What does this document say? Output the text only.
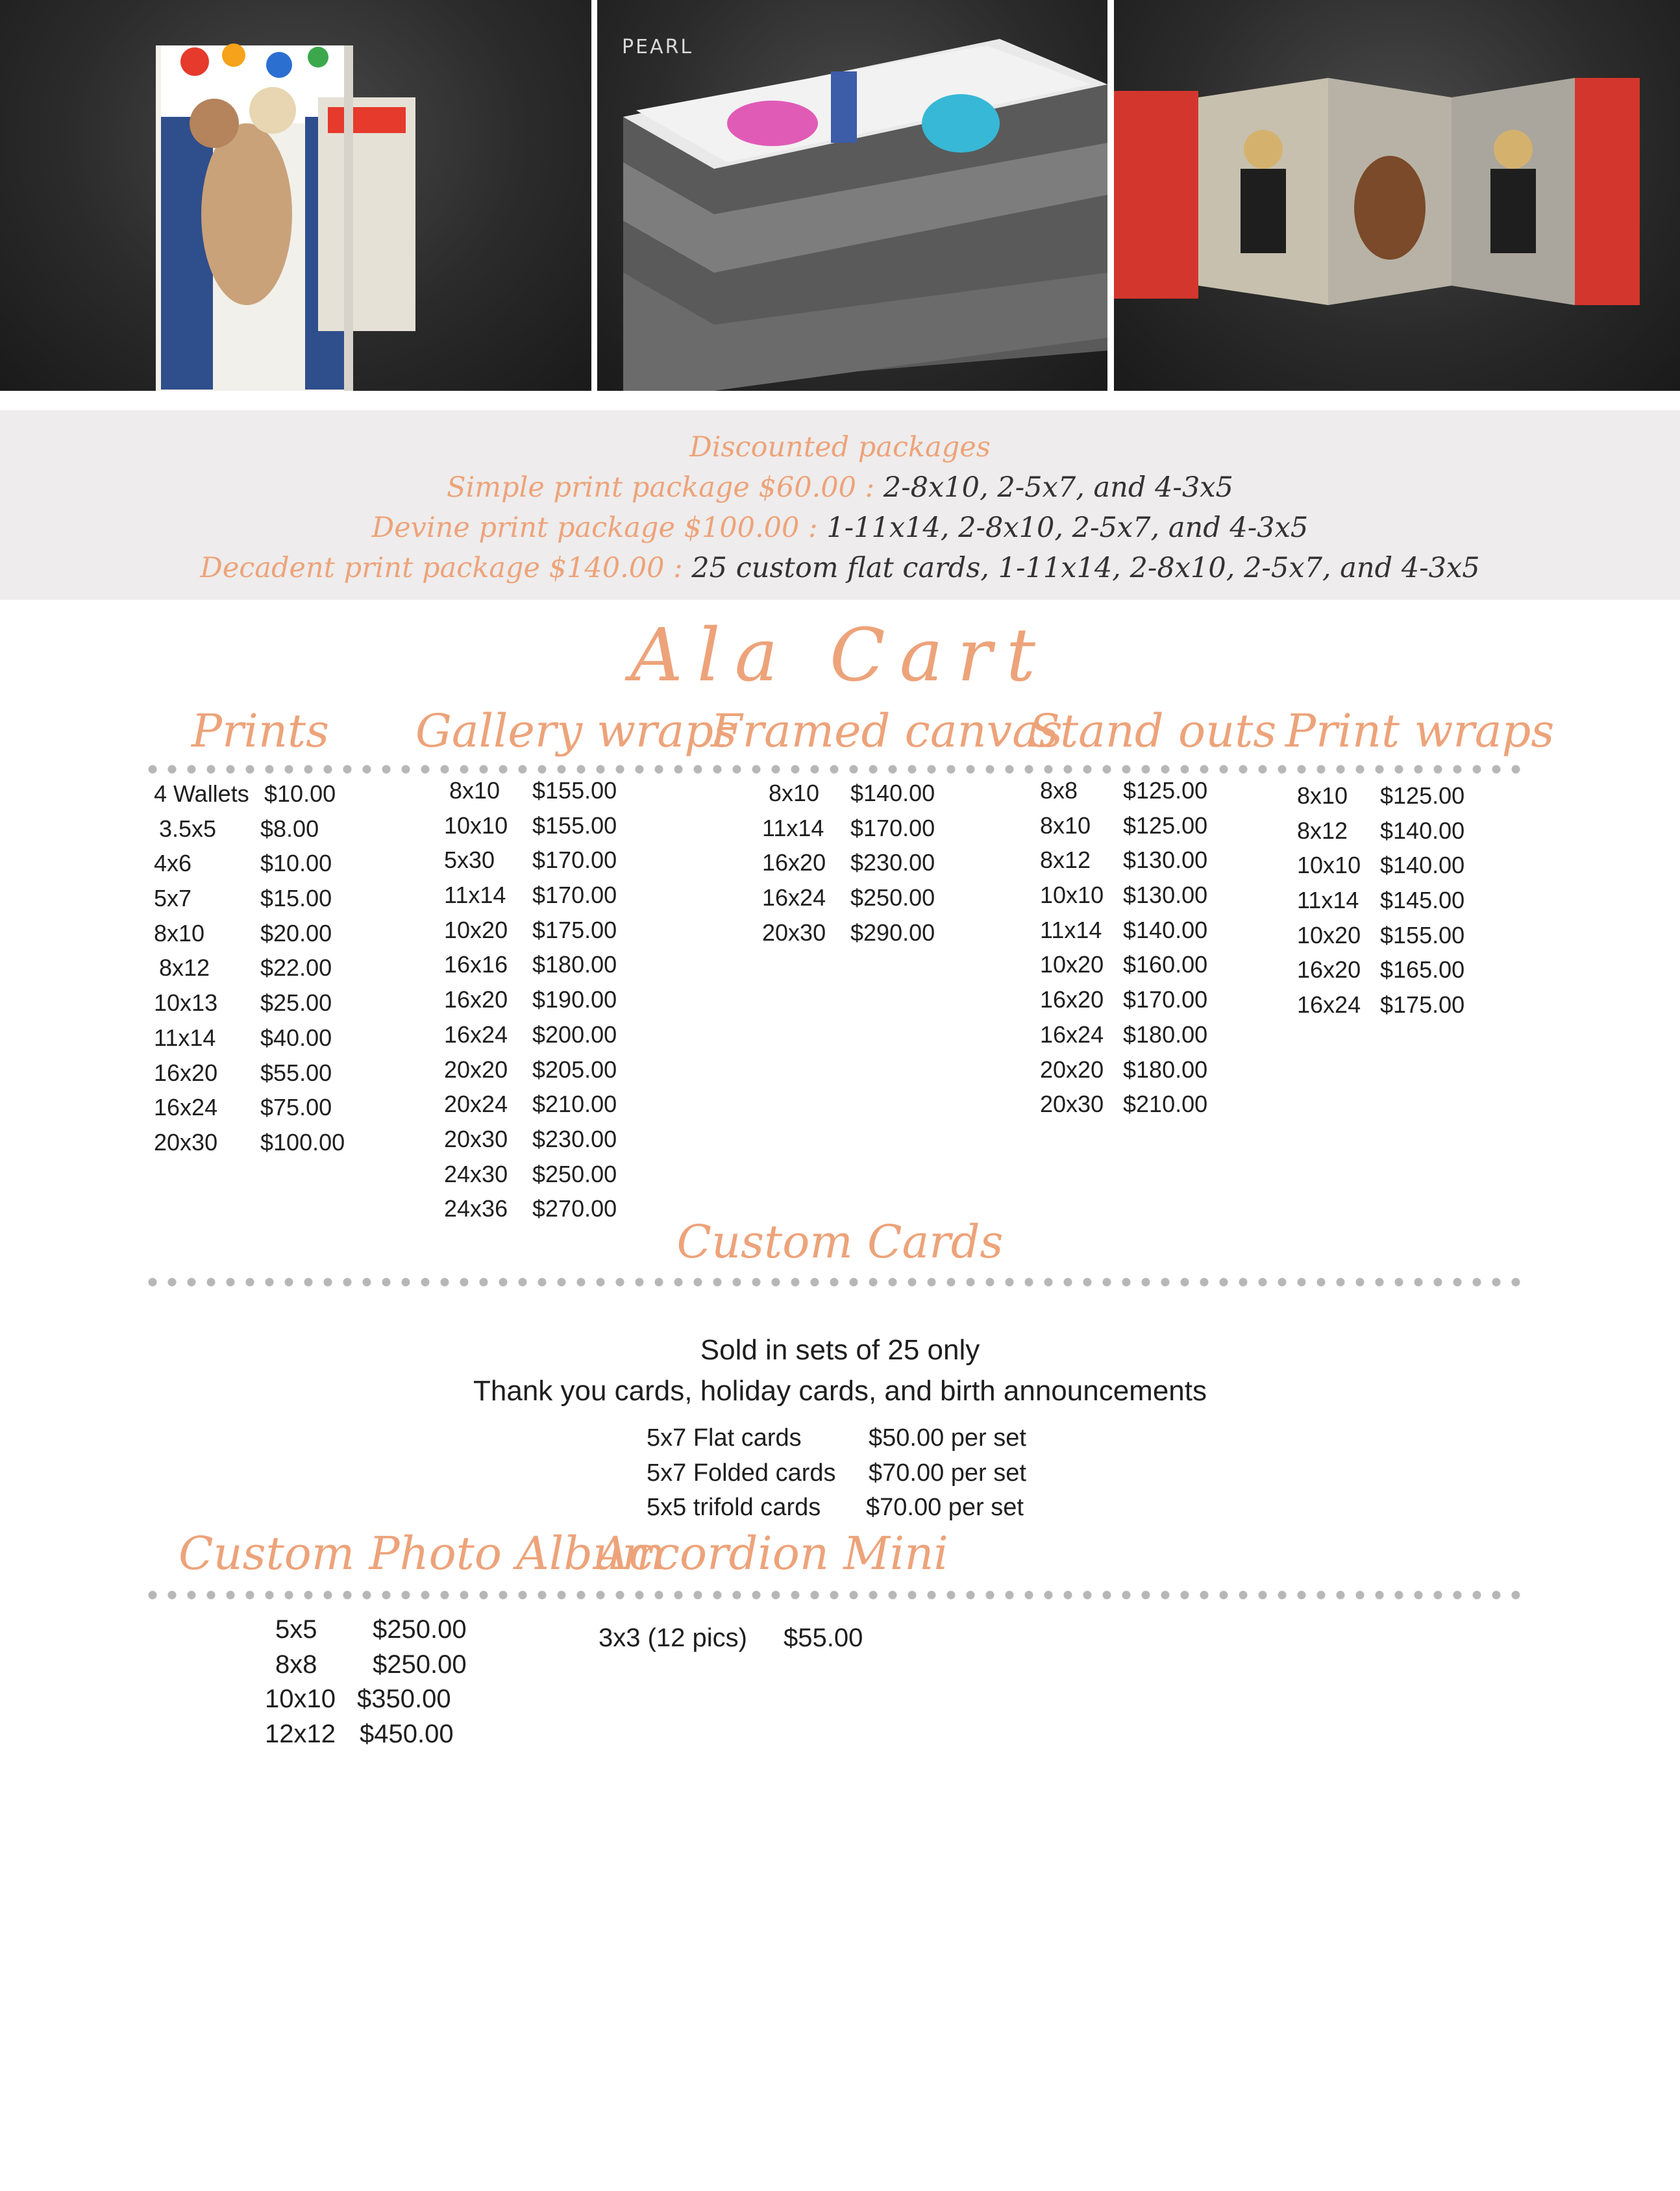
PEARL
Discounted packages
Simple print package $60.00 : 2-8x10, 2-5x7, and 4-3x5
Devine print package $100.00 : 1-11x14, 2-8x10, 2-5x7, and 4-3x5
Decadent print package $140.00 : 25 custom flat cards, 1-11x14, 2-8x10, 2-5x7, and 4-3x5
Ala Cart
Prints Gallery wraps
Framed canvas
Stand outs Print wraps
4 Wallets $10.00
3.5x5 $8.00
4x6	$10.00
5x7	$15.00
8x10 $20.00
8x12 $22.00
10x13 $25.00
11x14 $40.00
16x20 $55.00
16x24 $75.00
20x30 $100.00
8x10 $155.00
10x10 $155.00
5x30 $170.00
11x14 $170.00
10x20 $175.00
16x16 $180.00
16x20 $190.00
16x24 $200.00
20x20 $205.00
20x24 $210.00
20x30 $230.00
24x30 $250.00
24x36 $270.00
8x10 $140.00
11x14 $170.00
16x20 $230.00
16x24 $250.00
20x30 $290.00
8x8 $125.00
8x10 $125.00
8x12 $130.00
10x10 $130.00
11x14 $140.00
10x20 $160.00
16x20 $170.00
16x24 $180.00
20x20 $180.00
20x30 $210.00
8x10 $125.00
8x12 $140.00
10x10 $140.00
11x14 $145.00
10x20 $155.00
16x20 $165.00
16x24 $175.00
Custom Cards
Sold in sets of 25 only
Thank you cards, holiday cards, and birth announcements
5x7 Flat cards	$50.00 per set
5x7 Folded cards $70.00 per set
5x5 trifold cards $70.00 per set
Custom Photo Album
Accordion Mini
5x5 $250.00
8x8 $250.00
10x10 $350.00
12x12 $450.00
3x3 (12 pics) $55.00
